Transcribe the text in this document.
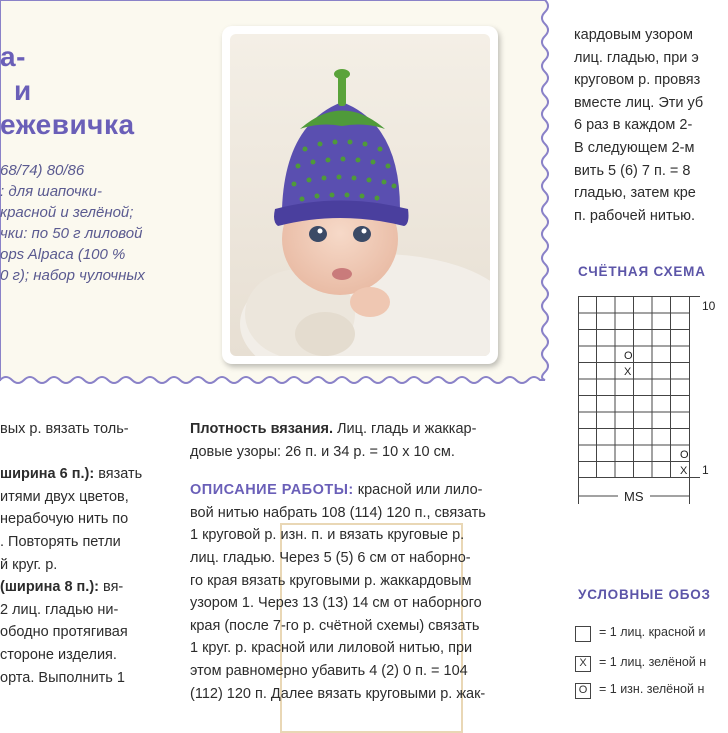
а-
и
ежевичка
68/74) 80/86
: для шапочки-
красной и зелёной;
чки: по 50 г лиловой
ops Alpaca (100 %
0 г); набор чулочных

вых р. вязать толь-

ширина 6 п.): вязать

итями двух цветов,

нерабочую нить по

. Повторять петли

й круг. р.

(ширина 8 п.): вя-

2 лиц. гладью ни-

ободно протягивая

стороне изделия.

орта. Выполнить 1

Плотность вязания. Лиц. гладь и жаккар-

довые узоры: 26 п. и 34 р. = 10 х 10 см.

ОПИСАНИЕ РАБОТЫ: красной или лило-

вой нитью набрать 108 (114) 120 п., связать

1 круговой р. изн. п. и вязать круговые р.

лиц. гладью. Через 5 (5) 6 см от наборно-

го края вязать круговыми р. жаккардовым

узором 1. Через 13 (13) 14 см от наборного

края (после 7-го р. счётной схемы) связать

1 круг. р. красной или лиловой нитью, при

этом равномерно убавить 4 (2) 0 п. = 104

(112) 120 п. Далее вязать круговыми р. жак-

кардовым узором

лиц. гладью, при э

круговом р. провяз

вместе лиц. Эти уб

6 раз в каждом 2-

В следующем 2-м

вить 5 (6) 7 п. = 8

гладью, затем кре

п. рабочей нитью.

СЧЁТНАЯ СХЕМА
O
X
O
X
10
1
MS
УСЛОВНЫЕ ОБОЗ
= 1 лиц. красной и
X = 1 лиц. зелёной н
O = 1 изн. зелёной н
